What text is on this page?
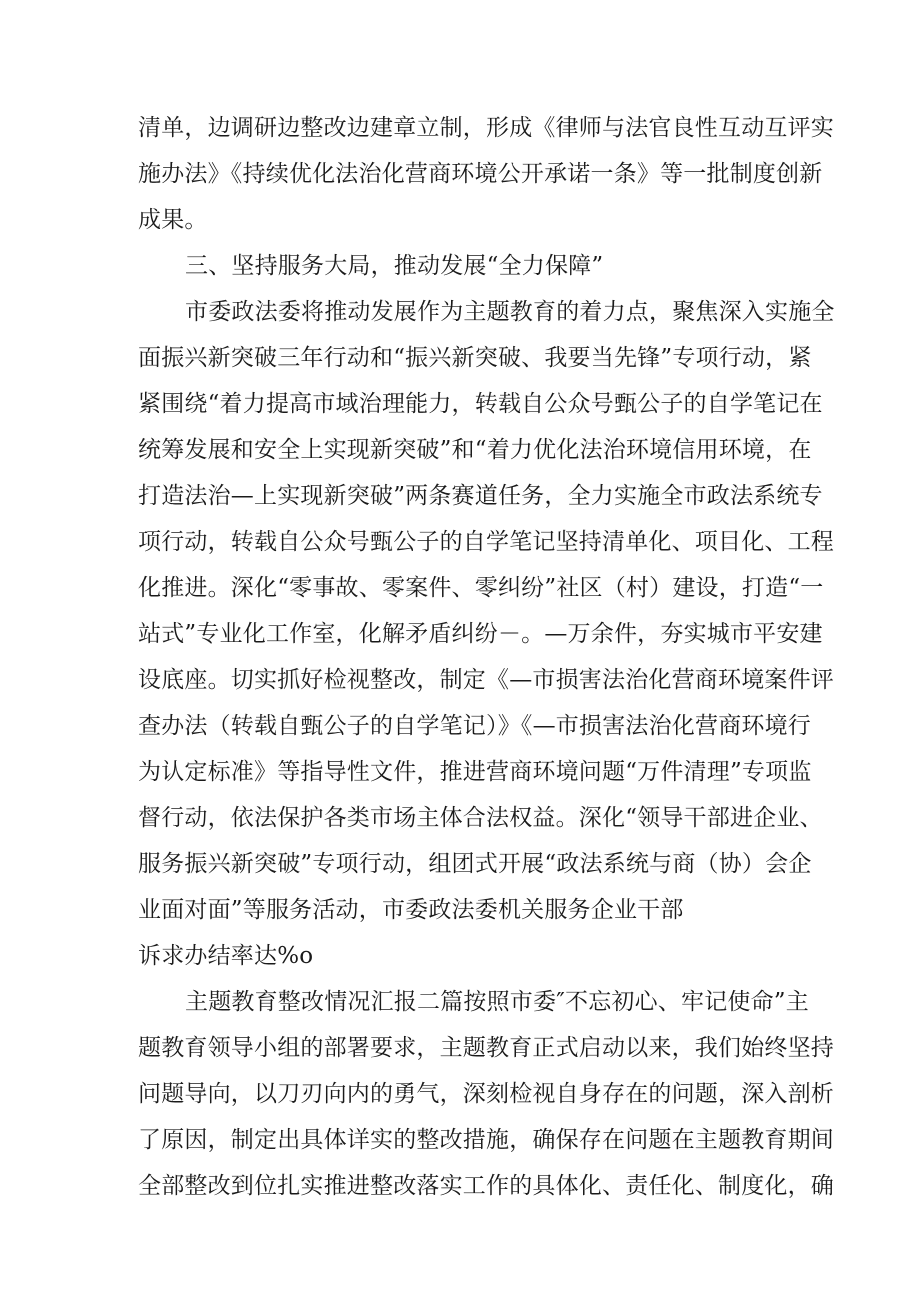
清单，边调研边整改边建章立制，形成《律师与法官良性互动互评实
施办法》《持续优化法治化营商环境公开承诺一条》等一批制度创新
成果。
三、坚持服务大局，推动发展“全力保障”
市委政法委将推动发展作为主题教育的着力点，聚焦深入实施全
面振兴新突破三年行动和“振兴新突破、我要当先锋”专项行动，紧
紧围绕“着力提高市域治理能力，转载自公众号甄公子的自学笔记在
统筹发展和安全上实现新突破”和“着力优化法治环境信用环境，在
打造法治—上实现新突破”两条赛道任务，全力实施全市政法系统专
项行动，转载自公众号甄公子的自学笔记坚持清单化、项目化、工程
化推进。深化“零事故、零案件、零纠纷”社区（村）建设，打造“一
站式”专业化工作室，化解矛盾纠纷－。—万余件，夯实城市平安建
设底座。切实抓好检视整改，制定《—市损害法治化营商环境案件评
查办法（转载自甄公子的自学笔记）》《—市损害法治化营商环境行
为认定标准》等指导性文件，推进营商环境问题“万件清理”专项监
督行动，依法保护各类市场主体合法权益。深化“领导干部进企业、
服务振兴新突破”专项行动，组团式开展“政法系统与商（协）会企
业面对面”等服务活动，市委政法委机关服务企业干部
诉求办结率达%o
主题教育整改情况汇报二篇按照市委″不忘初心、牢记使命”主
题教育领导小组的部署要求，主题教育正式启动以来，我们始终坚持
问题导向，以刀刃向内的勇气，深刻检视自身存在的问题，深入剖析
了原因，制定出具体详实的整改措施，确保存在问题在主题教育期间
全部整改到位扎实推进整改落实工作的具体化、责任化、制度化，确
